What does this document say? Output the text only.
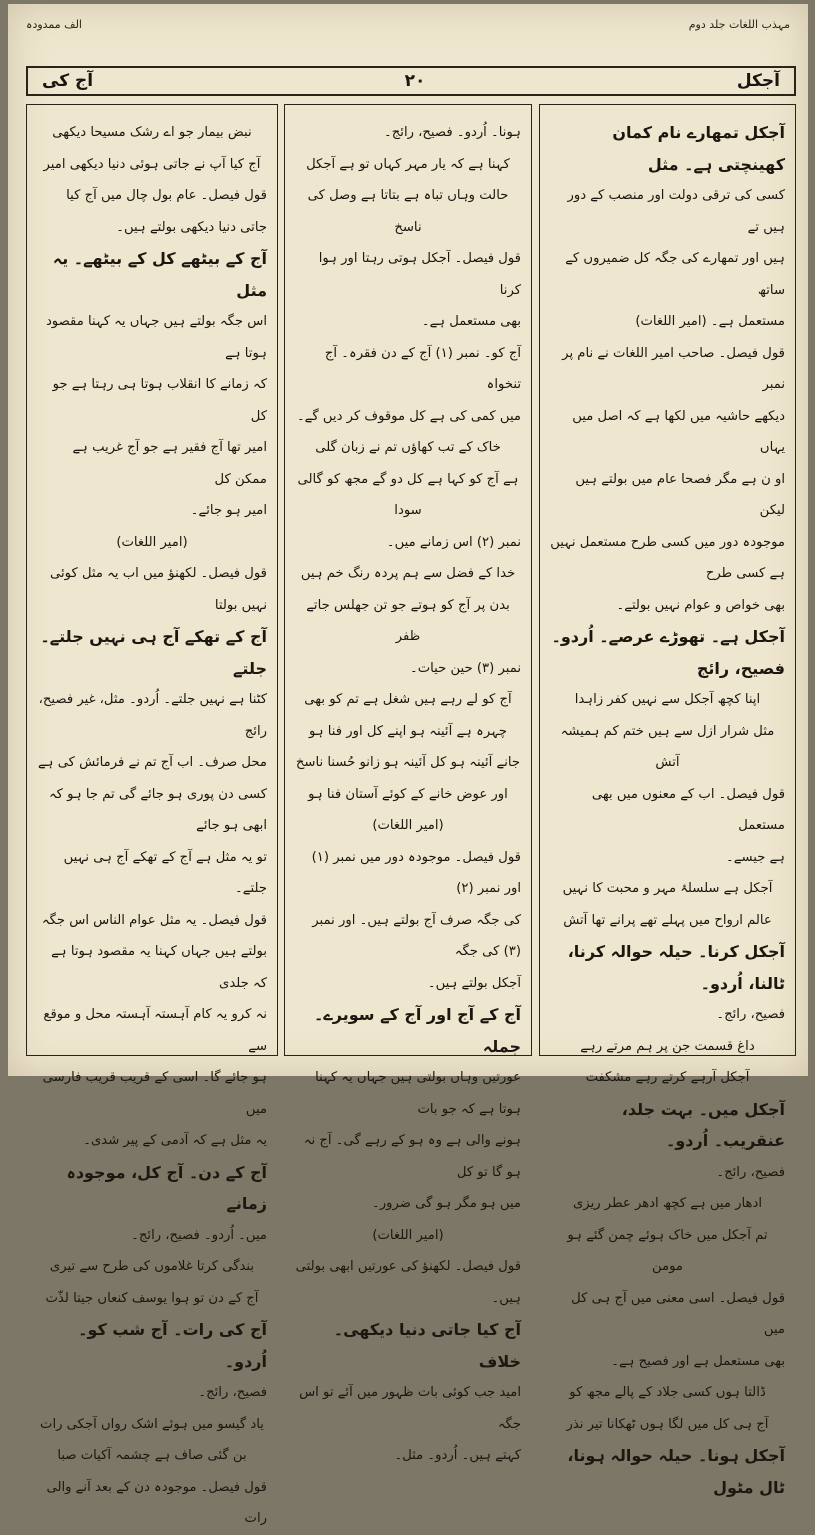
الف ممدودہ	مہذب اللغات جلد دوم
آج کی	۲۰	آجکل

آجکل تمھارے نام کمان کھینچتی ہے۔ مثل

کسی کی ترقی دولت اور منصب کے دور ہیں تے

ہیں اور تمھارے کی جگہ کل ضمیروں کے ساتھ

مستعمل ہے۔ (امیر اللغات)

قول فیصل۔ صاحب امیر اللغات نے نام پر نمبر

دیکھے حاشیہ میں لکھا ہے کہ اصل میں یہاں

او ن ہے مگر فصحا عام میں بولتے ہیں لیکن

موجودہ دور میں کسی طرح مستعمل نہیں ہے کسی طرح

بھی خواص و عوام نہیں بولتے۔

آجکل ہے۔ تھوڑے عرصے۔ اُردو۔ فصیح، رائج

اپنا کچھ آجکل سے نہیں کفر زاہدا

مثل شرار ازل سے ہیں ختم کم ہمیشہ آتش

قول فیصل۔ اب کے معنوں میں بھی مستعمل

ہے جیسے۔

آجکل ہے سلسلۂ مہر و محبت کا نہیں

عالم ارواح میں پہلے تھے پرانے تھا آتش

آجکل کرنا۔ حیلہ حوالہ کرنا، ٹالنا، اُردو۔

فصیح، رائج۔

داغ قسمت جن پر ہم مرتے رہے

آجکل آرہے کرتے رہے مشکفت

آجکل میں۔ بہت جلد، عنقریب۔ اُردو۔

فصیح، رائج۔

ادھار میں ہے کچھ ادھر عطر ریزی

تم آجکل میں خاک ہوئے چمن گئے ہو مومن

قول فیصل۔ اسی معنی میں آج ہی کل میں

بھی مستعمل ہے اور فصیح ہے۔

ڈالتا ہوں کسی جلاد کے پالے مجھ کو

آج ہی کل میں لگا ہوں ٹھکانا تیر نذر

آجکل ہونا۔ حیلہ حوالہ ہونا، ٹال مٹول

ہونا۔ اُردو۔ فصیح، رائج۔

کہنا ہے کہ یار مہر کہاں تو ہے آجکل

حالت وہاں تباہ ہے بتاتا ہے وصل کی ناسخ

قول فیصل۔ آجکل ہوتی رہتا اور ہوا کرنا

بھی مستعمل ہے۔

آج کو۔ نمبر (۱) آج کے دن فقرہ۔ آج تنخواہ

میں کمی کی ہے کل موقوف کر دیں گے۔

خاک کے تب کھاؤں تم نے زبان گلی

ہے آج کو کہا ہے کل دو گے مجھ کو گالی سودا

نمبر (۲) اس زمانے میں۔

خدا کے فضل سے ہم پردہ رنگ خم ہیں

بدن پر آج کو ہوتے جو تن جھلس جاتے ظفر

نمبر (۳) حین حیات۔

آج کو لے رہے ہیں شغل ہے تم کو بھی

چہرہ ہے آئینہ ہو اپنے کل اور فنا ہو

جانے آئینہ ہو کل آئینہ ہو زانو حُسنا ناسخ

اور عوض خانے کے کوئے آستان فنا ہو

(امیر اللغات)

قول فیصل۔ موجودہ دور میں نمبر (۱) اور نمبر (۲)

کی جگہ صرف آج بولتے ہیں۔ اور نمبر (۳) کی جگہ

آجکل بولتے ہیں۔

آج کے آج اور آج کے سویرے۔ جملہ

عورتیں وہاں بولتی ہیں جہاں یہ کہنا ہوتا ہے کہ جو بات

ہونے والی ہے وہ ہو کے رہے گی۔ آج نہ ہو گا تو کل

میں ہو مگر ہو گی ضرور۔

(امیر اللغات)

قول فیصل۔ لکھنؤ کی عورتیں ابھی بولتی ہیں۔

آج کیا جاتی دنیا دیکھی۔ خلاف

امید جب کوئی بات ظہور میں آئے تو اس جگہ

کہتے ہیں۔ اُردو۔ مثل۔

نبض بیمار جو اے رشک مسیحا دیکھی

آج کیا آپ نے جاتی ہوئی دنیا دیکھی امیر

قول فیصل۔ عام بول چال میں آج کیا

جاتی دنیا دیکھی بولتے ہیں۔

آج کے بیٹھے کل کے بیٹھے۔ یہ مثل

اس جگہ بولتے ہیں جہاں یہ کہنا مقصود ہوتا ہے

کہ زمانے کا انقلاب ہوتا ہی رہتا ہے جو کل

امیر تھا آج فقیر ہے جو آج غریب ہے ممکن کل

امیر ہو جائے۔

(امیر اللغات)

قول فیصل۔ لکھنؤ میں اب یہ مثل کوئی نہیں بولتا

آج کے تھکے آج ہی نہیں جلتے۔ جلتے

کٹنا ہے نہیں جلتے۔ اُردو۔ مثل، غیر فصیح، رائج

محل صرف۔ اب آج تم نے فرمائش کی ہے

کسی دن پوری ہو جائے گی تم جا ہو کہ ابھی ہو جائے

تو یہ مثل ہے آج کے تھکے آج ہی نہیں جلتے۔

قول فیصل۔ یہ مثل عوام الناس اس جگہ

بولتے ہیں جہاں کہنا یہ مقصود ہوتا ہے کہ جلدی

نہ کرو یہ کام آہستہ آہستہ محل و موقع سے

ہو جائے گا۔ اسی کے قریب قریب فارسی میں

یہ مثل ہے کہ آدمی کے پیر شدی۔

آج کے دن۔ آج کل، موجودہ زمانے

میں۔ اُردو۔ فصیح، رائج۔

بندگی کرتا غلاموں کی طرح سے تیری

آج کے دن تو ہوا یوسف کنعاں جیتا لذّت

آج کی رات۔ آج شب کو۔ اُردو۔

فصیح، رائج۔

یاد گیسو میں ہوئے اشک رواں آجکی رات

بن گئی صاف ہے چشمہ آکیات صبا

قول فیصل۔ موجودہ دن کے بعد آنے والی رات
